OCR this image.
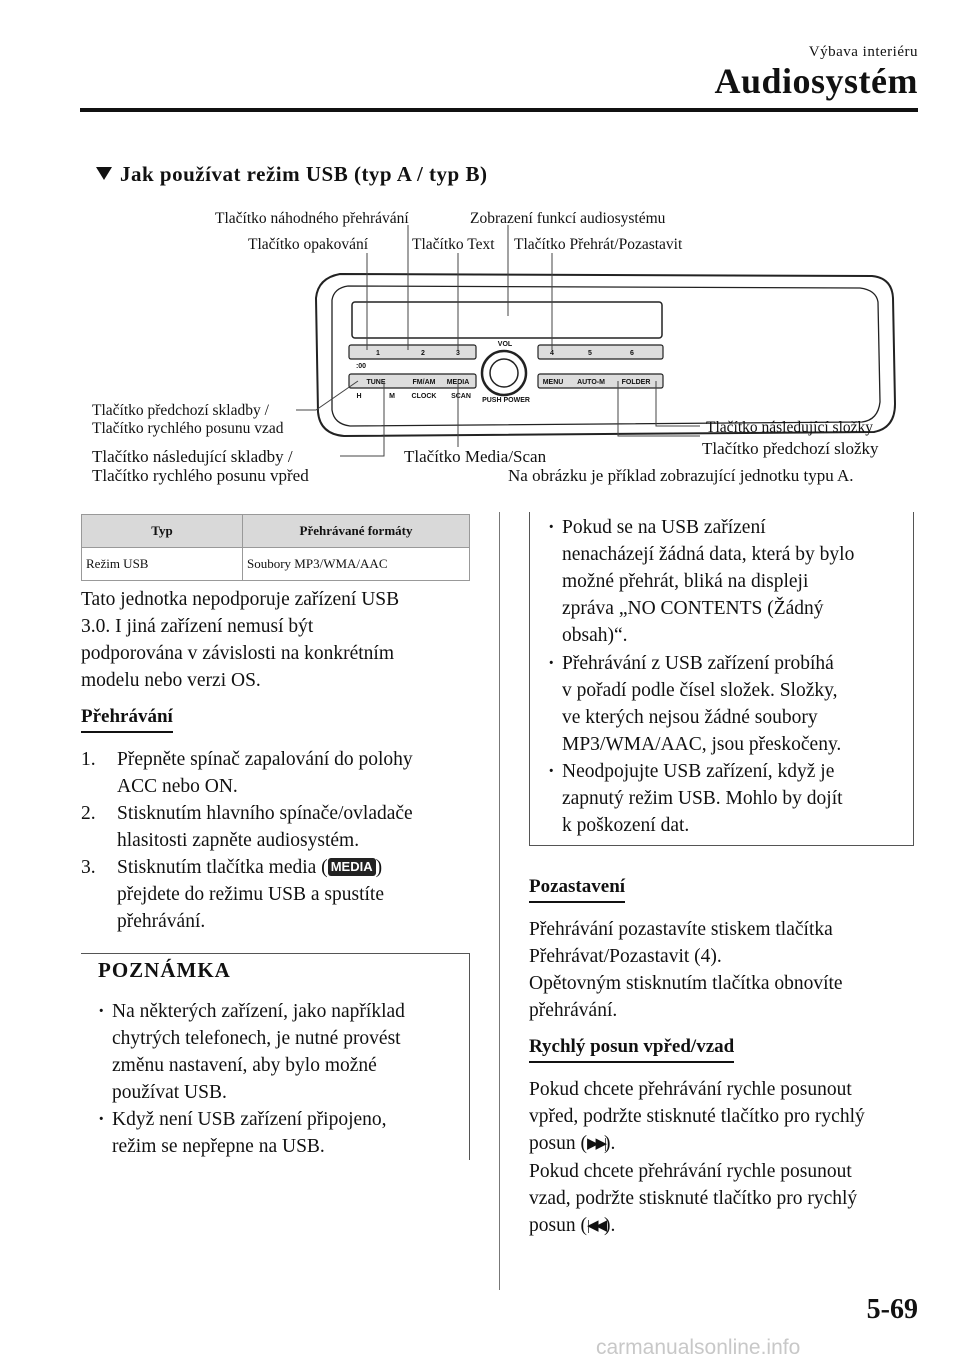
Výbava interiéru
Audiosystém
Jak používat režim USB (typ A / typ B)
1	2	3	4	5	6
:00
VOL
PUSH POWER
TUNE	FM/AM MEDIA
CLOCK SCAN
H	M
MENU AUTO-M FOLDER
Tlačítko náhodného přehrávání	Zobrazení funkcí audiosystému
Tlačítko opakování	Tlačítko Text Tlačítko Přehrát/Pozastavit
Tlačítko předchozí skladby /
Tlačítko rychlého posunu vzad
Tlačítko následující skladby /
Tlačítko rychlého posunu vpřed
Tlačítko Media/Scan
Tlačítko následující složky
Tlačítko předchozí složky
Na obrázku je příklad zobrazující jednotku typu A.
Typ	Přehrávané formáty
Režim USB	Soubory MP3/WMA/AAC
Tato jednotka nepodporuje zařízení USB
3.0. I jiná zařízení nemusí být
podporována v závislosti na konkrétním
modelu nebo verzi OS.
Přehrávání
1. Přepněte spínač zapalování do polohy
ACC nebo ON.
2. Stisknutím hlavního spínače/ovladače
hlasitosti zapněte audiosystém.
3. Stisknutím tlačítka media ( MEDIA )
přejdete do režimu USB a spustíte
přehrávání.
POZNÁMKA
· Na některých zařízení, jako například
chytrých telefonech, je nutné provést
změnu nastavení, aby bylo možné
používat USB.
· Když není USB zařízení připojeno,
režim se nepřepne na USB.
· Pokud se na USB zařízení
nenacházejí žádná data, která by bylo
možné přehrát, bliká na displeji
zpráva „NO CONTENTS (Žádný
obsah)“.
· Přehrávání z USB zařízení probíhá
v pořadí podle čísel složek. Složky,
ve kterých nejsou žádné soubory
MP3/WMA/AAC, jsou přeskočeny.
· Neodpojujte USB zařízení, když je
zapnutý režim USB. Mohlo by dojít
k poškození dat.
Pozastavení
Přehrávání pozastavíte stiskem tlačítka
Přehrávat/Pozastavit (4).
Opětovným stisknutím tlačítka obnovíte
přehrávání.
Rychlý posun vpřed/vzad
Pokud chcete přehrávání rychle posunout
vpřed, podržte stisknuté tlačítko pro rychlý
posun (▶▶|).
Pokud chcete přehrávání rychle posunout
vzad, podržte stisknuté tlačítko pro rychlý
posun (|◀◀).
5-69
carmanualsonline.info
